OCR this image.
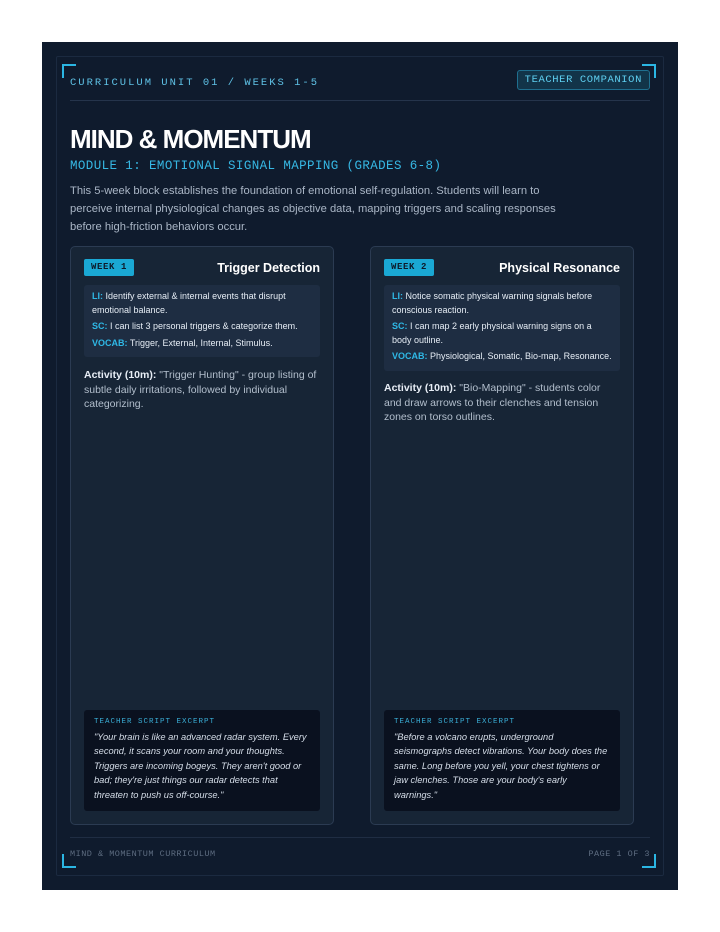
CURRICULUM UNIT 01 / WEEKS 1-5	TEACHER COMPANION
MIND & MOMENTUM
MODULE 1: EMOTIONAL SIGNAL MAPPING (GRADES 6-8)
This 5-week block establishes the foundation of emotional self-regulation. Students will learn to perceive internal physiological changes as objective data, mapping triggers and scaling responses before high-friction behaviors occur.
WEEK 1	Trigger Detection

LI: Identify external & internal events that disrupt emotional balance.

SC: I can list 3 personal triggers & categorize them.

VOCAB: Trigger, External, Internal, Stimulus.

Activity (10m): "Trigger Hunting" - group listing of subtle daily irritations, followed by individual categorizing.
TEACHER SCRIPT EXCERPT
"Your brain is like an advanced radar system. Every second, it scans your room and your thoughts. Triggers are incoming bogeys. They aren't good or bad; they're just things our radar detects that threaten to push us off-course."
WEEK 2	Physical Resonance

LI: Notice somatic physical warning signals before conscious reaction.

SC: I can map 2 early physical warning signs on a body outline.

VOCAB: Physiological, Somatic, Bio-map, Resonance.

Activity (10m): "Bio-Mapping" - students color and draw arrows to their clenches and tension zones on torso outlines.
TEACHER SCRIPT EXCERPT
"Before a volcano erupts, underground seismographs detect vibrations. Your body does the same. Long before you yell, your chest tightens or jaw clenches. Those are your body's early warnings."
MIND & MOMENTUM CURRICULUM	PAGE 1 OF 3
